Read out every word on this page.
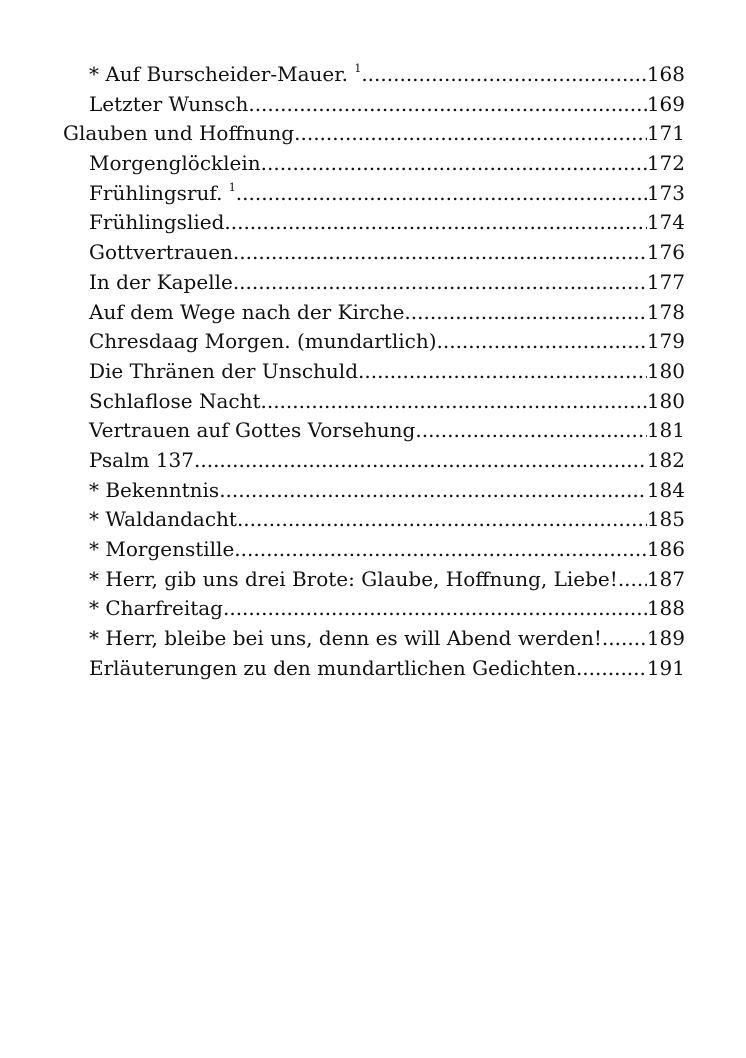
* Auf Burscheider-Mauer. $^1$ .....	168
Letzter Wunsch .....	169
Glauben und Hoffnung .....	171
Morgenglöcklein .....	172
Frühlingsruf. $^1$ .....	173
Frühlingslied .....	174
Gottvertrauen .....	176
In der Kapelle .....	177
Auf dem Wege nach der Kirche .....	178
Chresdaag Morgen. (mundartlich) .....	179
Die Thränen der Unschuld .....	180
Schlaflose Nacht .....	180
Vertrauen auf Gottes Vorsehung .....	181
Psalm 137 .....	182
* Bekenntnis .....	184
* Waldandacht .....	185
* Morgenstille .....	186
* Herr, gib uns drei Brote: Glaube, Hoffnung, Liebe! ..... 187
* Charfreitag .....	188
* Herr, bleibe bei uns, denn es will Abend werden! ..... 189
Erläuterungen zu den mundartlichen Gedichten .....	191
